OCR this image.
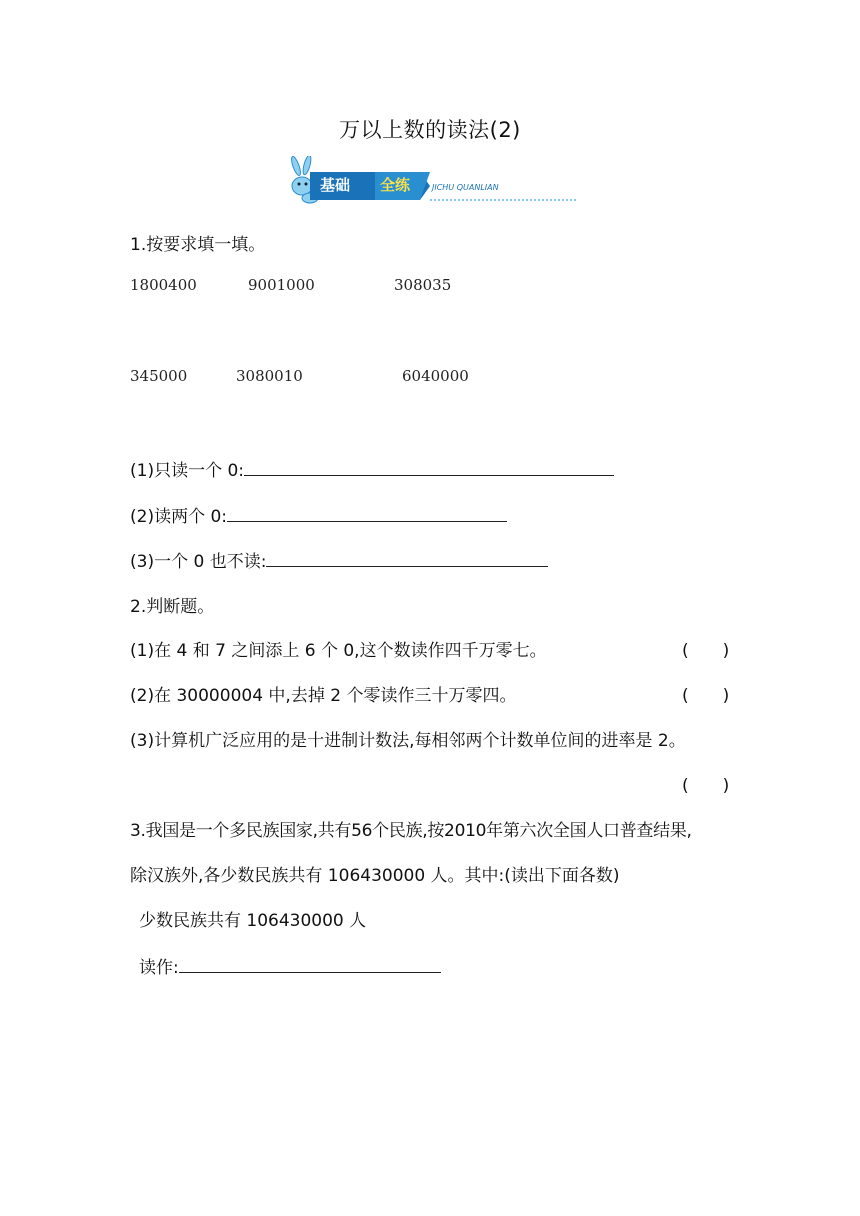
万以上数的读法(2)
基础 全练	JICHU QUANLIAN
1.按要求填一填。
1800400	9001000	308035
345000	3080010	6040000
(1)只读一个 0:
(2)读两个 0:
(3)一个 0 也不读:
2.判断题。
(1)在 4 和 7 之间添上 6 个 0,这个数读作四千万零七。	(　　)
(2)在 30000004 中,去掉 2 个零读作三十万零四。	(　　)
(3)计算机广泛应用的是十进制计数法,每相邻两个计数单位间的进率是 2。
(　　)
3.我国是一个多民族国家,共有56个民族,按2010年第六次全国人口普查结果,
除汉族外,各少数民族共有 106430000 人。其中:(读出下面各数)
少数民族共有 106430000 人
读作:
